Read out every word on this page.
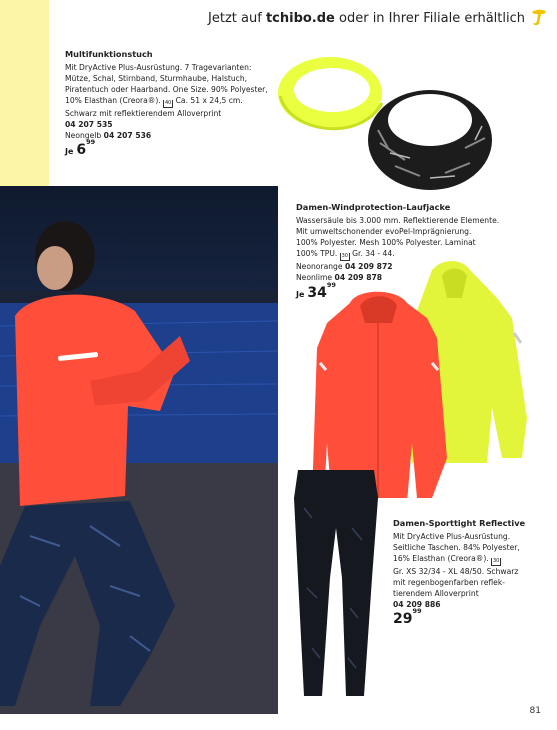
Jetzt auf tchibo.de oder in Ihrer Filiale erhältlich
Multifunktionstuch
Mit DryActive Plus-Ausrüstung. 7 Tragevarianten:
Mütze, Schal, Stirnband, Sturmhaube, Halstuch,
Piratentuch oder Haarband. One Size. 90% Polyester,
10% Elasthan (Creora®). 40 Ca. 51 x 24,5 cm.
Schwarz mit reflektierendem Alloverprint
04 207 535
Neongelb 04 207 536
Je $6^{99}$
Damen-Windprotection-Laufjacke
Wassersäule bis 3.000 mm. Reflektierende Elemente.
Mit umweltschonender evoPel-Imprägnierung.
100% Polyester. Mesh 100% Polyester. Laminat
100% TPU. 30 Gr. 34 - 44.
Neonorange 04 209 872
Neonlime 04 209 878
Je $34^{99}$
Damen-Sporttight Reflective
Mit DryActive Plus-Ausrüstung.
Seitliche Taschen. 84% Polyester,
16% Elasthan (Creora®). 30
Gr. XS 32/34 - XL 48/50. Schwarz
mit regenbogenfarben reflek-
tierendem Alloverprint
04 209 886
$29^{99}$
81
